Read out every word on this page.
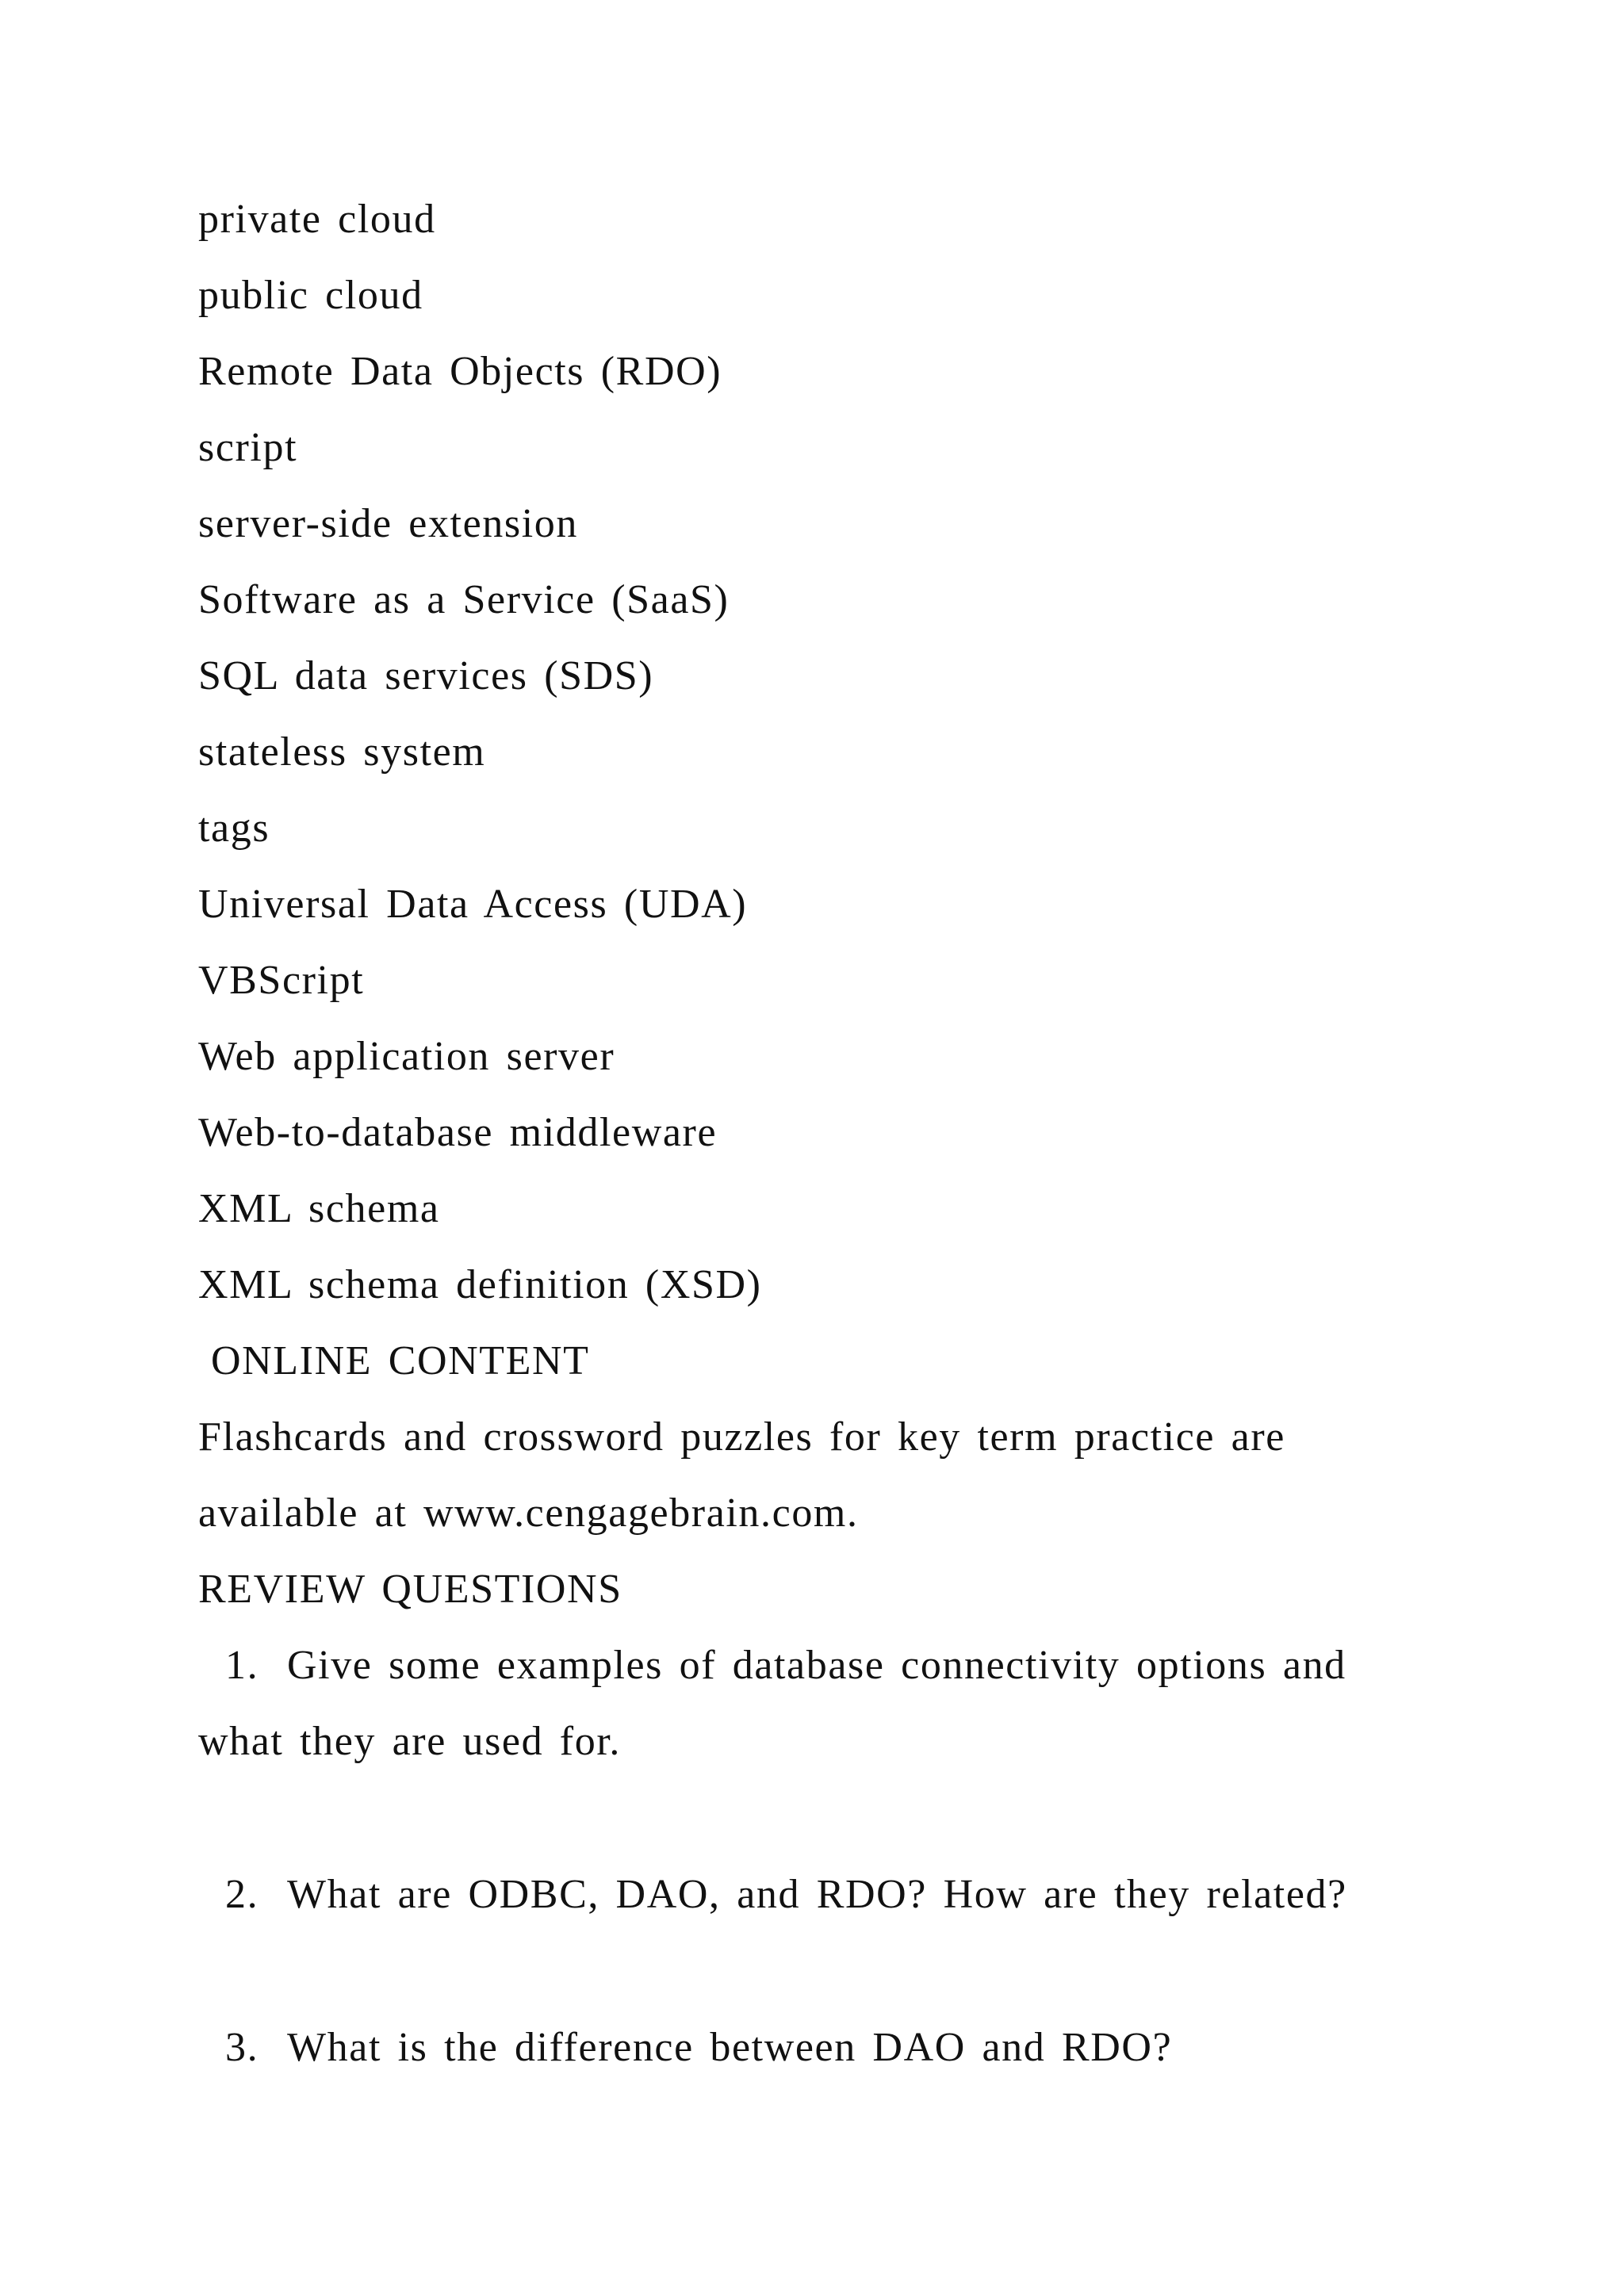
private cloud
public cloud
Remote Data Objects (RDO)
script
server-side extension
Software as a Service (SaaS)
SQL data services (SDS)
stateless system
tags
Universal Data Access (UDA)
VBScript
Web application server
Web-to-database middleware
XML schema
XML schema definition (XSD)
ONLINE CONTENT
Flashcards and crossword puzzles for key term practice are
available at www.cengagebrain.com.
REVIEW QUESTIONS
1. Give some examples of database connectivity options and
what they are used for.
2. What are ODBC, DAO, and RDO? How are they related?
3. What is the difference between DAO and RDO?
